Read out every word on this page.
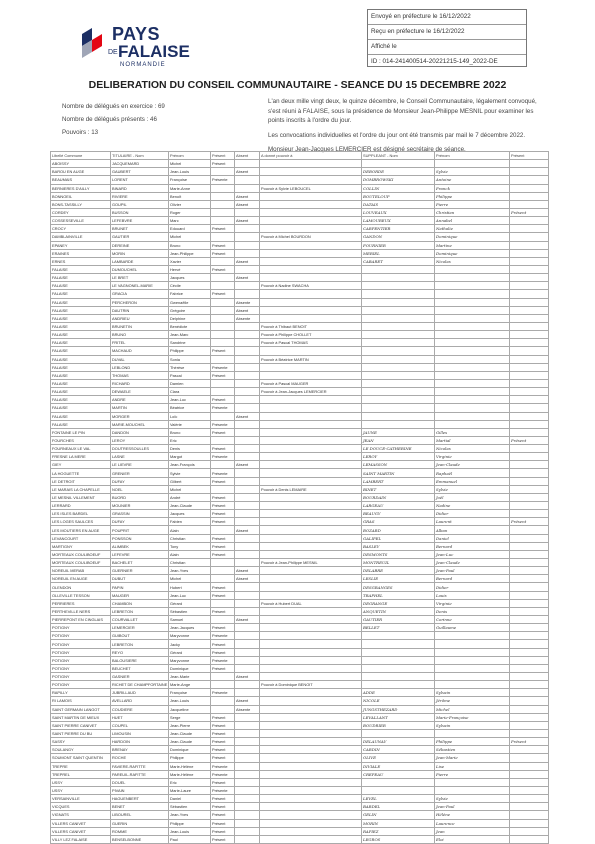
PAYS
DE FALAISE
NORMANDIE
Envoyé en préfecture le 16/12/2022
Reçu en préfecture le 16/12/2022
Affiché le
ID : 014-241400514-20221215-149_2022-DE
DELIBERATION DU CONSEIL COMMUNAUTAIRE - SEANCE DU 15 DECEMBRE 2022
Nombre de délégués en exercice : 69
Nombre de délégués présents : 46
Pouvoirs : 13

L'an deux mille vingt deux, le quinze décembre, le Conseil Communautaire, légalement convoqué, s'est réuni à FALAISE, sous la présidence de Monsieur Jean-Philippe MESNIL pour examiner les points inscrits à l'ordre du jour.

Les convocations individuelles et l'ordre du jour ont été transmis par mail le 7 décembre 2022.

Monsieur Jean-Jacques LEMERCIER est désigné secrétaire de séance.

Libellé Commune	TITULAIRE - Nom	Prénom	Présent	Absent	A donné pouvoir à	SUPPLEANT - Nom	Prénom	Présent
ABOISSY	JACQUEMARD	Michel	Présent					
BAROU EN AUGE	GAUBERT	Jean-Louis		Absent		DEBORDE	Sylvie	
BEAUMAIS	LORENT	Françoise	Présente			DOMBROWSKI	Antoine	
BERNIERES D'AILLY	BINARD	Marie-Anne			Pouvoir à Sylvie LEBOUCEL	COLLIN	Franck	
BONNOEIL	RIVIERE	Benoît		Absent		BOUTELOUP	Philippe	
BONS-TASSILLY	GOUPIL	Olivier		Absent		DATAIS	Pierre	
CORDEY	BUSSON	Roger				LOUVEAUX	Christian	Présent
COSSESSEVILLE	LEFEBVRE	Marc		Absent		LAMOUREUX	Annabel	
CROCY	BRUNET	Edouard	Présent			CARPENTIER	Nathalie	
DAMBLAINVILLE	GAUTIER	Michel			Pouvoir à Michel BOURDON	GANDON	Dominique	
EPANEY	DEREINE	Bruno	Présent			FOURNIER	Martine	
ERAINES	MORIN	Jean-Philippe	Présent			MERIEL	Dominique	
ERNES	LAMBARDE	Xavier		Absent		CABARET	Nicolas	
FALAISE	DUMOUCHEL	Hervé	Présent					
FALAISE	LE BRET	Jacques		Absent				
FALAISE	LE VAGNONEL-MARIE	Cécile			Pouvoir à Nadine SWACHA			
FALAISE	GRACIA	Fabrice	Présent					
FALAISE	PERCHERON	Gwenaëlle		Absente				
FALAISE	DAUTRIN	Grégoire		Absent				
FALAISE	ANDRIEU	Delphine		Absente				
FALAISE	BRUNETIN	Benédicte			Pouvoir à Thibaut BENOIT			
FALAISE	BRUNO	Jean-Marc			Pouvoir à Philippe CHOLLET			
FALAISE	FRITEL	Sandrine			Pouvoir à Pascal THOMAS			
FALAISE	MACHAUD	Philippe	Présent					
FALAISE	DUVAL	Sonia			Pouvoir à Béatrice MARTIN			
FALAISE	LEBLOND	Thérèse	Présente					
FALAISE	THOMAS	Pascal	Présent					
FALAISE	RICHARD	Damien			Pouvoir à Pascal MAUGER			
FALAISE	DEWAELE	Clara			Pouvoir à Jean-Jacques LEMERCIER			
FALAISE	ANDRE	Jean-Luc	Présent					
FALAISE	MARTIN	Béatrice	Présente					
FALAISE	MORGER	Loïc		Absent				
FALAISE	MARIE-MOUCHEL	Valérie	Présente					
FONTAINE LE PIN	DANDON	Bruno	Présent			JAUNE	Gilles	
FOURCHES	LEROY	Eric				JEAN	Martial	Présent
FOURNEAUX LE VAL	DOUTRESSOULLES	Denis	Présent			LE DOUCE-CATHERINE	Nicolas	
FRESNE LA MERE	LASNE	Margot	Présente			LEROY	Virginie	
GIEY	LE LIEVRE	Jean-François		Absent		LEMASSON	Jean-Claude	
LA HOGUETTE	GRENIER	Sylvie	Présente			SAINT MARTIN	Raphaël	
LE DETROIT	DUFAY	Gilbert	Présent			LAMBERT	Emmanuel	
LE MARAIS LA CHAPELLE	NOEL	Michel			Pouvoir à Denis LEMAIRE	BINET	Sylvie	
LE MESNIL VILLEMENT	BUORD	André	Présent			BOURDAIN	Joël	
LERRARD	MOUNIER	Jean-Claude	Présent			LARGEAU	Nadine	
LES ISLES BARDEL	GRASSIN	Jacques	Présent			BEAUGY	Didier	
LES LOGES SAULCES	DUFAY	Fabien	Présent			GRAS	Laurent	Présent
LES MOUTIERS EN AUGE	POUPRIT	Alain		Absent		BOZARD	Alban	
LEVANCOURT	PONSSON	Christian	Présent			GALIPEL	Daniel	
MARTIGNY	ALIMBEK	Tony	Présent			BASLEY	Bernard	
MORTEAUX COULIBOEUF	LEFEVRE	Alain	Présent			DESMONTS	Jean-Luc	
MORTEAUX COULIBOEUF	BACHELET	Christian			Pouvoir à Jean-Philippe MESNIL	MONTREUIL	Jean-Claude	
NOREUIL MERAB	GUERNIER	Jean-Yves		Absent		DELABRE	Jean-Paul	
NOREUIL EN AUGE	DUBUT	Michel		Absent		LESLIE	Bernard	
OLENDON	PAPIN	Hubert	Présent			DESGRANGES	Didier	
OLLEVILLE TESSON	MAUGER	Jean-Luc	Présent			TRAPHEL	Louis	
PERRIERES	CHAMBON	Gérard			Pouvoir à Hubert DUAL	DEGRANGE	Virginie	
PERTHEVILLE NERS	LEBRETON	Sébastien	Présent			ANQUETIN	Denis	
PIERREPONT EN CINGLAIS	COURVALLET	Samuel		Absent		GAUTIER	Corinne	
POTIGNY	LEMERCIER	Jean-Jacques	Présent			BELLET	Guillaume	
POTIGNY	GUIBOUT	Maryvonne	Présente					
POTIGNY	LEBRETON	Jacky	Présent					
POTIGNY	REYO	Gérard	Présent					
POTIGNY	BALOUSIERE	Maryvonne	Présente					
POTIGNY	BEUCHET	Dominique	Présent					
POTIGNY	GASNIER	Jean-Marie		Absent				
POTIGNY	RICHET DE CHAMPFORTAINE	Marie-Ange			Pouvoir à Dominique BENOIT			
RAPILLY	JUBRILLAUD	Françoise	Présente			ADDE	Sylvain	
RI LAMOIS	AVELLARD	Jean-Louis		Absent		NICOLE	Jérôme	
SAINT GERMAIN LANGOT	COUDIERE	Jacqueline		Absente		JUNGSTHEZARD	Michel	
SAINT MARTIN DE MIEUX	HUET	Serge	Présent			LEVALLANT	Marie-Françoise	
SAINT PIERRE CANIVET	COUPEL	Jean-Pierre	Présent			BOUDRIER	Sylvain	
SAINT PIERRE DU BU	LIMOUSIN	Jean-Claude	Présent					
SASSY	HARDOIN	Jean-Claude	Présent			DELAUNAY	Philippe	Présent
SOULANGY	BRENAY	Dominique	Présent			CARDIN	Sébastien	
SOUMONT SAINT QUENTIN	ROCHE	Philippe	Présent			OLIVE	Jean-Marie	
TREPRE	FAVIERE-RAFITTE	Marie-Hélène	Présente			DIVIALE	Lise	
TREPREL	PAREUIL-RAFITTE	Marie-Hélène	Présente			CREPEAU	Pierre	
USSY	DOUEL	Eric	Présent					
USSY	PIVAIN	Marie-Laure	Présente					
VERSAINVILLE	HAGUENBERT	Daniel	Présent			LEVEL	Sylvie	
VICQUES	BENET	Sébastien	Présent			BARDEL	Jean-Paul	
VIGNATS	LIBOUREL	Jean-Yves	Présent			GELIN	Hélène	
VILLERS CANIVET	GUERIN	Philippe	Présent			MORIN	Laurence	
VILLERS CANIVET	ROMME	Jean-Louis	Présent			RAPIEZ	Jean	
VILLY LEZ FALAISE	BENSELBONNE	Paul	Présent			LEGROS	Eloi	
